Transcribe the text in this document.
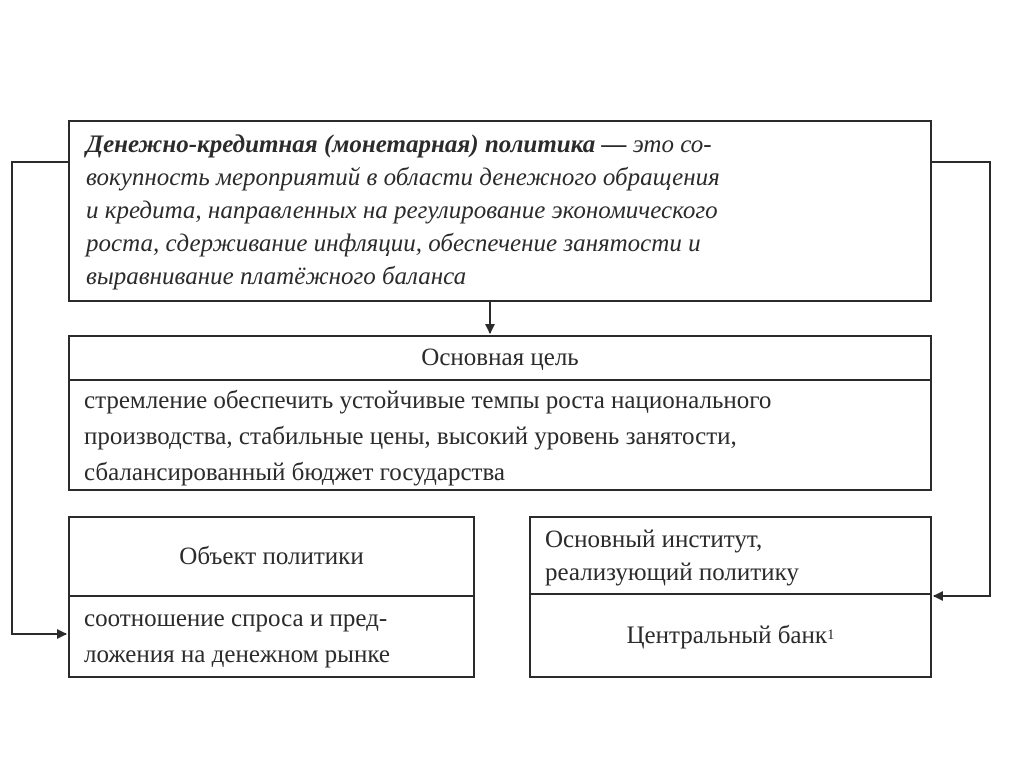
Денежно-кредитная (монетарная) политика — это со-
вокупность мероприятий в области денежного обращения
и кредита, направленных на регулирование экономического
роста, сдерживание инфляции, обеспечение занятости и
выравнивание платёжного баланса
Основная цель
стремление обеспечить устойчивые темпы роста национального
производства, стабильные цены, высокий уровень занятости,
сбалансированный бюджет государства
Объект политики
соотношение спроса и пред-
ложения на денежном рынке
Основный институт,
реализующий политику
Центральный банк 1
